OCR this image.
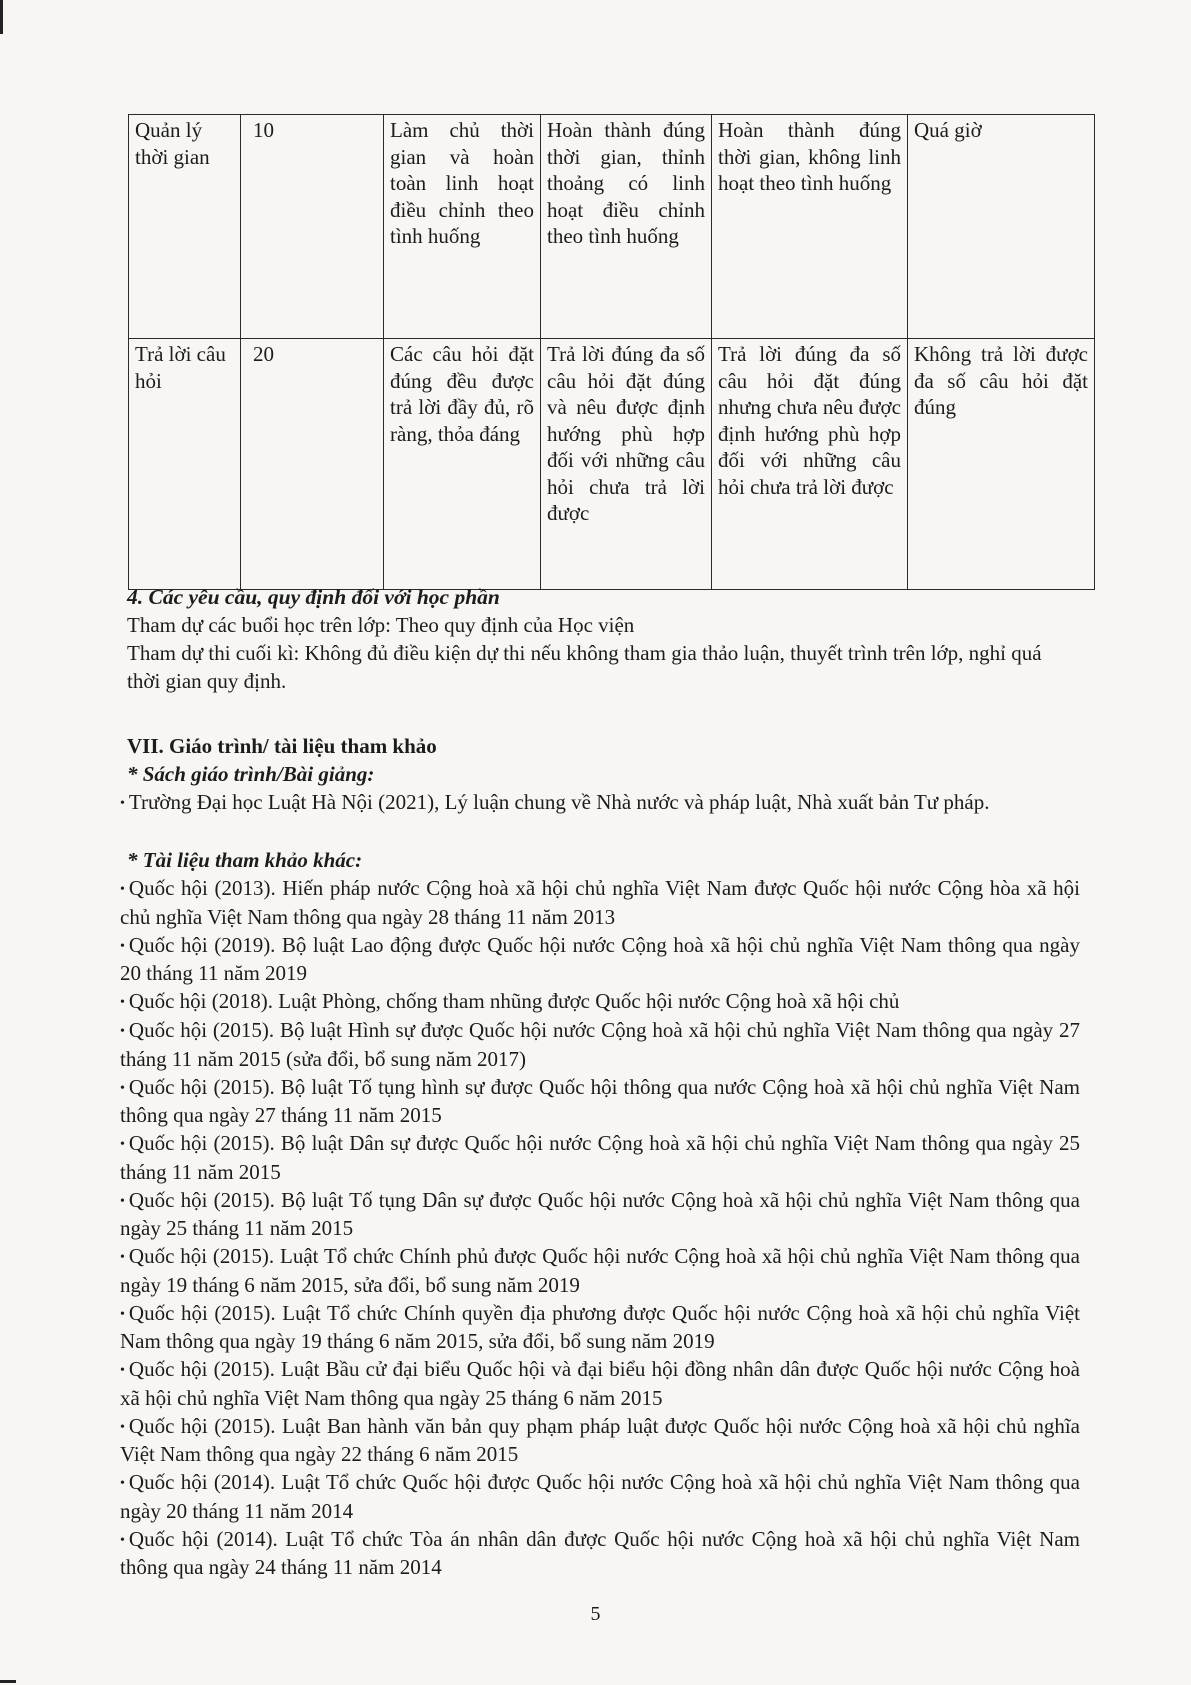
Quản lý thời gian	10	Làm chủ thời gian và hoàn toàn linh hoạt điều chỉnh theo tình huống	Hoàn thành đúng thời gian, thỉnh thoảng có linh hoạt điều chỉnh theo tình huống	Hoàn thành đúng thời gian, không linh hoạt theo tình huống	Quá giờ
Trả lời câu hỏi	20	Các câu hỏi đặt đúng đều được trả lời đầy đủ, rõ ràng, thỏa đáng	Trả lời đúng đa số câu hỏi đặt đúng và nêu được định hướng phù hợp đối với những câu hỏi chưa trả lời được	Trả lời đúng đa số câu hỏi đặt đúng nhưng chưa nêu được định hướng phù hợp đối với những câu hỏi chưa trả lời được	Không trả lời được đa số câu hỏi đặt đúng

4. Các yêu cầu, quy định đối với học phần

Tham dự các buổi học trên lớp: Theo quy định của Học viện

Tham dự thi cuối kì: Không đủ điều kiện dự thi nếu không tham gia thảo luận, thuyết trình trên lớp, nghỉ quá thời gian quy định.

VII. Giáo trình/ tài liệu tham khảo

* Sách giáo trình/Bài giảng:

• Trường Đại học Luật Hà Nội (2021), Lý luận chung về Nhà nước và pháp luật, Nhà xuất bản Tư pháp.

* Tài liệu tham khảo khác:

• Quốc hội (2013). Hiến pháp nước Cộng hoà xã hội chủ nghĩa Việt Nam được Quốc hội nước Cộng hòa xã hội chủ nghĩa Việt Nam thông qua ngày 28 tháng 11 năm 2013
• Quốc hội (2019). Bộ luật Lao động được Quốc hội nước Cộng hoà xã hội chủ nghĩa Việt Nam thông qua ngày 20 tháng 11 năm 2019
• Quốc hội (2018). Luật Phòng, chống tham nhũng được Quốc hội nước Cộng hoà xã hội chủ
• Quốc hội (2015). Bộ luật Hình sự được Quốc hội nước Cộng hoà xã hội chủ nghĩa Việt Nam thông qua ngày 27 tháng 11 năm 2015 (sửa đổi, bổ sung năm 2017)
• Quốc hội (2015). Bộ luật Tố tụng hình sự được Quốc hội thông qua nước Cộng hoà xã hội chủ nghĩa Việt Nam thông qua ngày 27 tháng 11 năm 2015
• Quốc hội (2015). Bộ luật Dân sự được Quốc hội nước Cộng hoà xã hội chủ nghĩa Việt Nam thông qua ngày 25 tháng 11 năm 2015
• Quốc hội (2015). Bộ luật Tố tụng Dân sự được Quốc hội nước Cộng hoà xã hội chủ nghĩa Việt Nam thông qua ngày 25 tháng 11 năm 2015
• Quốc hội (2015). Luật Tổ chức Chính phủ được Quốc hội nước Cộng hoà xã hội chủ nghĩa Việt Nam thông qua ngày 19 tháng 6 năm 2015, sửa đổi, bổ sung năm 2019
• Quốc hội (2015). Luật Tổ chức Chính quyền địa phương được Quốc hội nước Cộng hoà xã hội chủ nghĩa Việt Nam thông qua ngày 19 tháng 6 năm 2015, sửa đổi, bổ sung năm 2019
• Quốc hội (2015). Luật Bầu cử đại biểu Quốc hội và đại biểu hội đồng nhân dân được Quốc hội nước Cộng hoà xã hội chủ nghĩa Việt Nam thông qua ngày 25 tháng 6 năm 2015
• Quốc hội (2015). Luật Ban hành văn bản quy phạm pháp luật được Quốc hội nước Cộng hoà xã hội chủ nghĩa Việt Nam thông qua ngày 22 tháng 6 năm 2015
• Quốc hội (2014). Luật Tổ chức Quốc hội được Quốc hội nước Cộng hoà xã hội chủ nghĩa Việt Nam thông qua ngày 20 tháng 11 năm 2014
• Quốc hội (2014). Luật Tổ chức Tòa án nhân dân được Quốc hội nước Cộng hoà xã hội chủ nghĩa Việt Nam thông qua ngày 24 tháng 11 năm 2014
5
